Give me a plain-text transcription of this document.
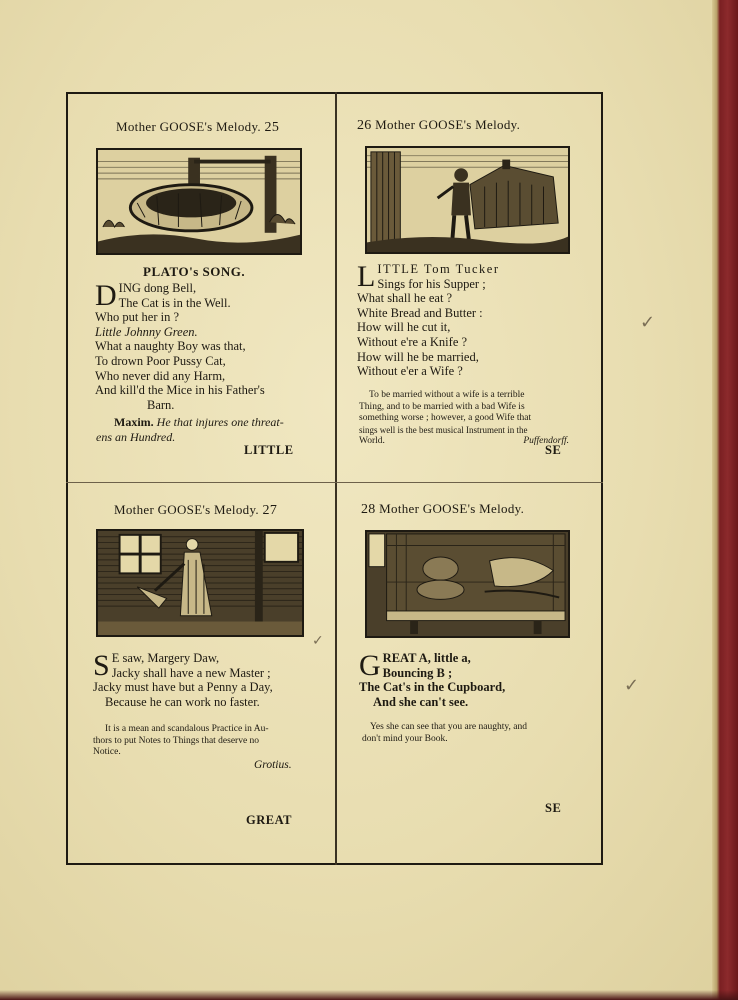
Mother GOOSE's Melody. 25
PLATO's SONG.
D ING dong Bell,
The Cat is in the Well.
Who put her in ?
Little Johnny Green.
What a naughty Boy was that,
To drown Poor Pussy Cat,
Who never did any Harm,
And kill'd the Mice in his Father's
Barn.
Maxim. He that injures one threat-
ens an Hundred.
LITTLE
26 Mother GOOSE's Melody.
L ITTLE Tom Tucker
Sings for his Supper ;
What shall he eat ?
White Bread and Butter :
How will he cut it,
Without e're a Knife ?
How will he be married,
Without e'er a Wife ?
To be married without a wife is a terrible
Thing, and to be married with a bad Wife is
something worse ; however, a good Wife that
sings well is the best musical Instrument in the
World.	Puffendorff.
SE
Mother GOOSE's Melody. 27
S E saw, Margery Daw,
Jacky shall have a new Master ;
Jacky must have but a Penny a Day,
Because he can work no faster.
It is a mean and scandalous Practice in Au-
thors to put Notes to Things that deserve no
Notice.
Grotius.
GREAT
28 Mother GOOSE's Melody.
G REAT A, little a,
Bouncing B ;
The Cat's in the Cupboard,
And she can't see.
Yes she can see that you are naughty, and
don't mind your Book.
SE
✓
✓
✓
